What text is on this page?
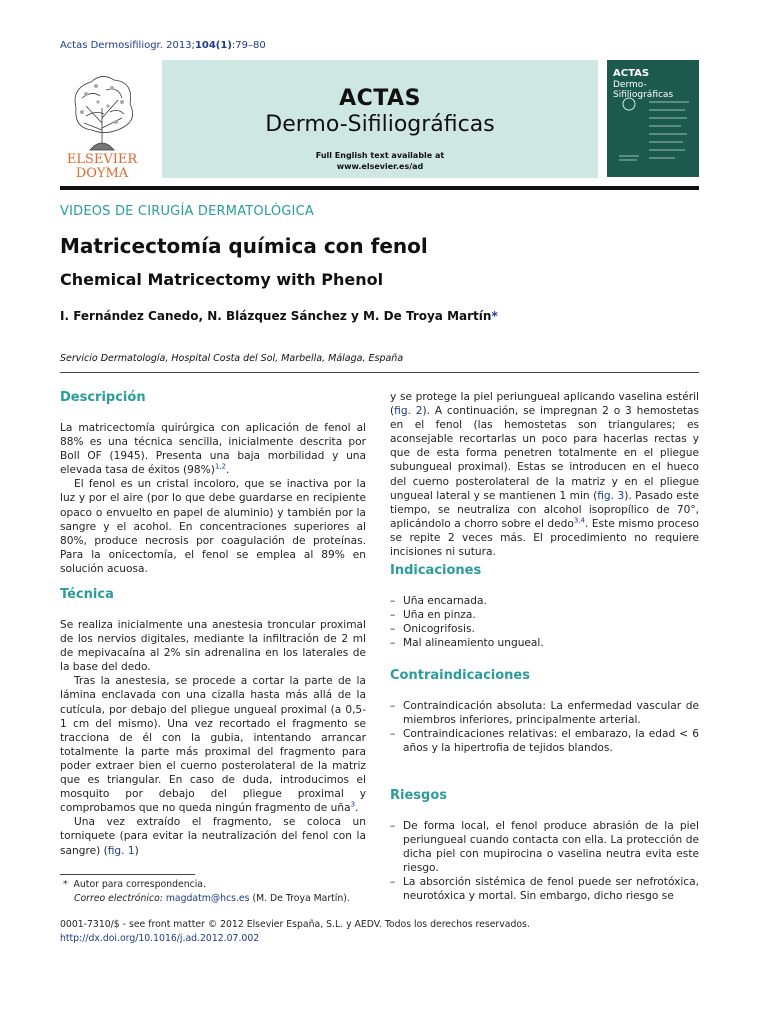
Actas Dermosifiliogr. 2013;104(1):79–80
ELSEVIER
DOYMA
ACTAS
Dermo-Sifiliográficas
Full English text available at
www.elsevier.es/ad
ACTAS
Dermo-Sifiliográficas
VIDEOS DE CIRUGÍA DERMATOLÓGICA
Matricectomía química con fenol
Chemical Matricectomy with Phenol
I. Fernández Canedo, N. Blázquez Sánchez y M. De Troya Martín*
Servicio Dermatología, Hospital Costa del Sol, Marbella, Málaga, España
Descripción

La matricectomía quirúrgica con aplicación de fenol al 88% es una técnica sencilla, inicialmente descrita por Boll OF (1945). Presenta una baja morbilidad y una elevada tasa de éxitos $(98\%)^{1,2}$.

El fenol es un cristal incoloro, que se inactiva por la luz y por el aire (por lo que debe guardarse en recipiente opaco o envuelto en papel de aluminio) y también por la sangre y el acohol. En concentraciones superiores al 80%, produce necrosis por coagulación de proteínas. Para la onicectomía, el fenol se emplea al 89% en solución acuosa.

Técnica

Se realiza inicialmente una anestesia troncular proximal de los nervios digitales, mediante la infiltración de 2 ml de mepivacaína al 2% sin adrenalina en los laterales de la base del dedo.

Tras la anestesia, se procede a cortar la parte de la lámina enclavada con una cizalla hasta más allá de la cutícula, por debajo del pliegue ungueal proximal (a 0,5-1 cm del mismo). Una vez recortado el fragmento se tracciona de él con la gubia, intentando arrancar totalmente la parte más proximal del fragmento para poder extraer bien el cuerno posterolateral de la matriz que es triangular. En caso de duda, introducimos el mosquito por debajo del pliegue proximal y comprobamos que no queda ningún fragmento de uña$^3$.

Una vez extraído el fragmento, se coloca un torniquete (para evitar la neutralización del fenol con la sangre) (fig. 1)

y se protege la piel periungueal aplicando vaselina estéril (fig. 2). A continuación, se impregnan 2 o 3 hemostetas en el fenol (las hemostetas son triangulares; es aconsejable recortarlas un poco para hacerlas rectas y que de esta forma penetren totalmente en el pliegue subungueal proximal). Estas se introducen en el hueco del cuerno posterolateral de la matriz y en el pliegue ungueal lateral y se mantienen 1 min (fig. 3). Pasado este tiempo, se neutraliza con alcohol isopropílico de 70°, aplicándolo a chorro sobre el dedo$^{3,4}$. Este mismo proceso se repite 2 veces más. El procedimiento no requiere incisiones ni sutura.

Indicaciones
– Uña encarnada.
– Uña en pinza.
– Onicogrifosis.
– Mal alineamiento ungueal.
Contraindicaciones
– Contraindicación absoluta: La enfermedad vascular de miembros inferiores, principalmente arterial.
– Contraindicaciones relativas: el embarazo, la edad < 6 años y la hipertrofia de tejidos blandos.
Riesgos
– De forma local, el fenol produce abrasión de la piel periungueal cuando contacta con ella. La protección de dicha piel con mupirocina o vaselina neutra evita este riesgo.
– La absorción sistémica de fenol puede ser nefrotóxica, neurotóxica y mortal. Sin embargo, dicho riesgo se
* Autor para correspondencia.
Correo electrónico: magdatm@hcs.es (M. De Troya Martín).
0001-7310/$ - see front matter © 2012 Elsevier España, S.L. y AEDV. Todos los derechos reservados.
http://dx.doi.org/10.1016/j.ad.2012.07.002
